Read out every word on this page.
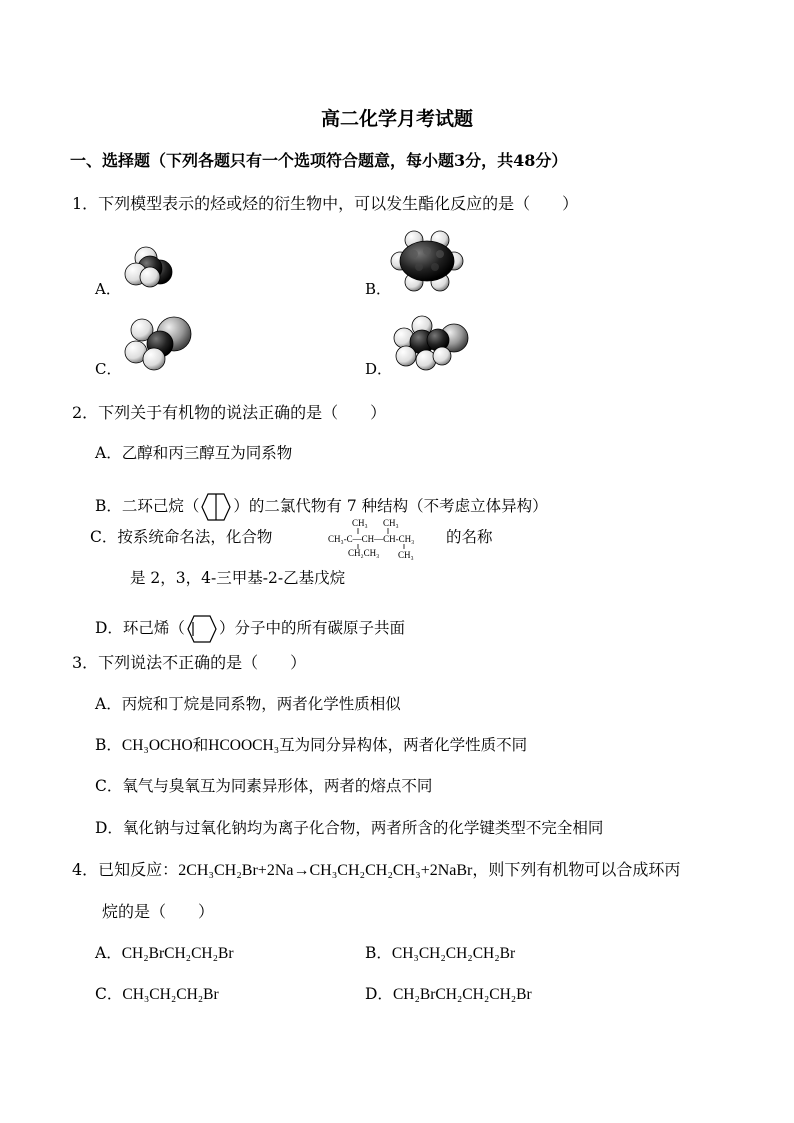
高二化学月考试题
一、选择题（下列各题只有一个选项符合题意，每小题3分，共48分）
1．下列模型表示的烃或烃的衍生物中，可以发生酯化反应的是（　　）
A．	B．
C．	D．
2．下列关于有机物的说法正确的是（　　）
A．乙醇和丙三醇互为同系物
B．二环己烷（ ）的二氯代物有 7 种结构（不考虑立体异构）
C．按系统命名法，化合物
CH₃ CH₃
CH₃-C—CH—CH-CH₃
CH₂CH₃ CH₃
的名称
是 2，3，4-三甲基-2-乙基戊烷
D．环己烯（ ）分子中的所有碳原子共面
3．下列说法不正确的是（　　）
A．丙烷和丁烷是同系物，两者化学性质相似
B．CH₃OCHO和HCOOCH₃互为同分异构体，两者化学性质不同
C．氧气与臭氧互为同素异形体，两者的熔点不同
D．氧化钠与过氧化钠均为离子化合物，两者所含的化学键类型不完全相同
4．已知反应：2CH₃CH₂Br+2Na→CH₃CH₂CH₂CH₃+2NaBr，则下列有机物可以合成环丙
烷的是（　　）
A．CH₂BrCH₂CH₂Br	B．CH₃CH₂CH₂CH₂Br
C．CH₃CH₂CH₂Br	D．CH₂BrCH₂CH₂CH₂Br
